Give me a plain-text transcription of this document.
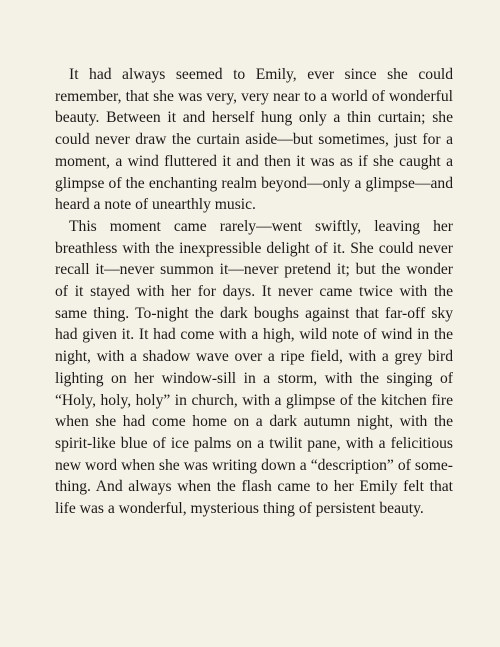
It had always seemed to Emily, ever since she could remember, that she was very, very near to a world of wonderful beauty. Between it and herself hung only a thin curtain; she could never draw the curtain aside—but sometimes, just for a moment, a wind fluttered it and then it was as if she caught a glimpse of the enchanting realm beyond—only a glimpse—and heard a note of unearthly music.

This moment came rarely—went swiftly, leaving her breathless with the inexpressible delight of it. She could never recall it—never summon it—never pretend it; but the wonder of it stayed with her for days. It never came twice with the same thing. To-night the dark boughs against that far-off sky had given it. It had come with a high, wild note of wind in the night, with a shadow wave over a ripe field, with a grey bird lighting on her window-sill in a storm, with the singing of “Holy, holy, holy” in church, with a glimpse of the kitchen fire when she had come home on a dark autumn night, with the spirit-like blue of ice palms on a twilit pane, with a felicitious new word when she was writing down a “description” of something. And always when the flash came to her Emily felt that life was a wonderful, mysterious thing of persistent beauty.
